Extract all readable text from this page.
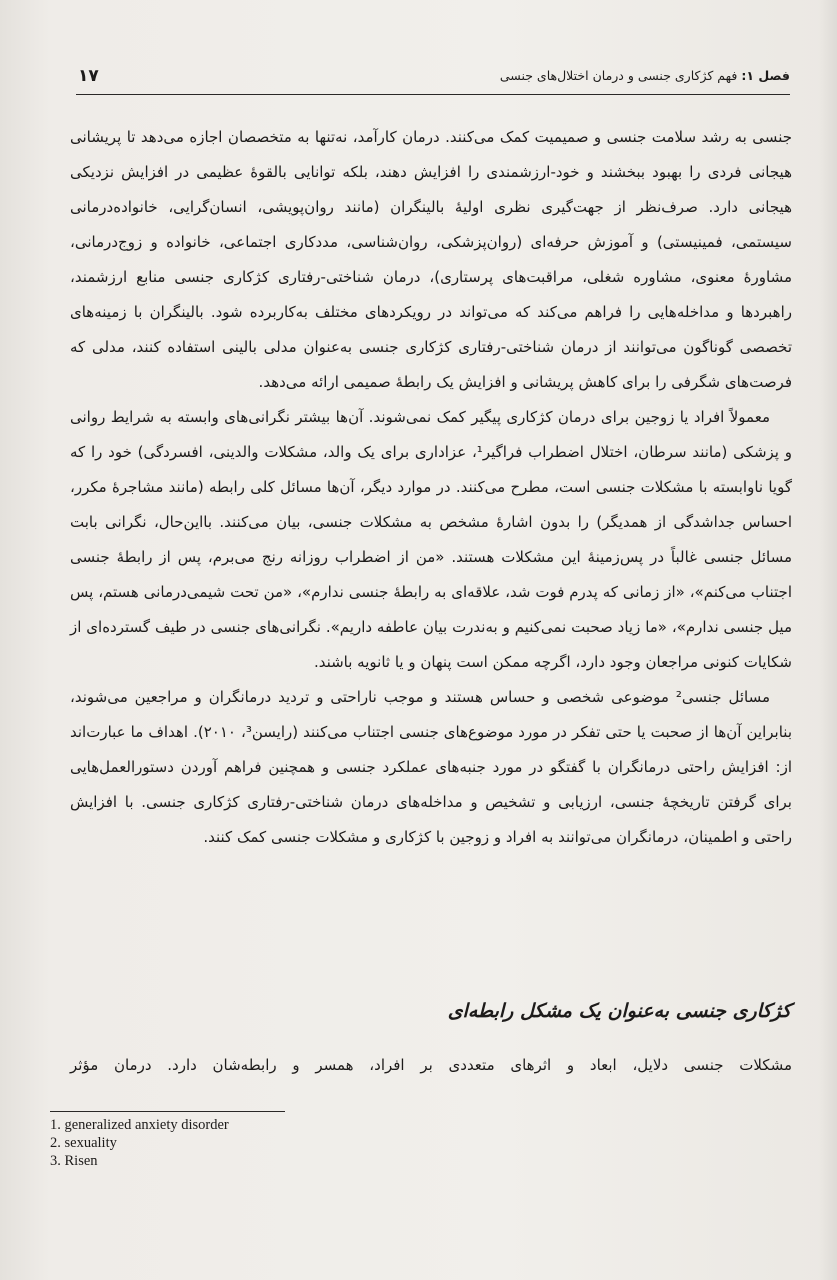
۱۷	فصل ۱: فهم کژکاری جنسی و درمان اختلال‌های جنسی

جنسی به رشد سلامت جنسی و صمیمیت کمک می‌کنند. درمان کارآمد، نه‌تنها به متخصصان اجازه می‌دهد تا پریشانی هیجانی فردی را بهبود ببخشند و خود-ارزشمندی را افزایش دهند، بلکه توانایی بالقوهٔ عظیمی در افزایش نزدیکی هیجانی دارد. صرف‌نظر از جهت‌گیری نظری اولیهٔ بالینگران (مانند روان‌پویشی، انسان‌گرایی، خانواده‌درمانی سیستمی، فمینیستی) و آموزش حرفه‌ای (روان‌پزشکی، روان‌شناسی، مددکاری اجتماعی، خانواده و زوج‌درمانی، مشاورهٔ معنوی، مشاوره شغلی، مراقبت‌های پرستاری)، درمان شناختی-رفتاری کژکاری جنسی منابع ارزشمند، راهبردها و مداخله‌هایی را فراهم می‌کند که می‌تواند در رویکردهای مختلف به‌کاربرده شود. بالینگران با زمینه‌های تخصصی گوناگون می‌توانند از درمان شناختی-رفتاری کژکاری جنسی به‌عنوان مدلی بالینی استفاده کنند، مدلی که فرصت‌های شگرفی را برای کاهش پریشانی و افزایش یک رابطهٔ صمیمی ارائه می‌دهد.

معمولاً افراد یا زوجین برای درمان کژکاری پیگیر کمک نمی‌شوند. آن‌ها بیشتر نگرانی‌های وابسته به شرایط روانی و پزشکی (مانند سرطان، اختلال اضطراب فراگیر¹، عزاداری برای یک والد، مشکلات والدینی، افسردگی) خود را که گویا ناوابسته با مشکلات جنسی است، مطرح می‌کنند. در موارد دیگر، آن‌ها مسائل کلی رابطه (مانند مشاجرهٔ مکرر، احساس جداشدگی از همدیگر) را بدون اشارهٔ مشخص به مشکلات جنسی، بیان می‌کنند. بااین‌حال، نگرانی بابت مسائل جنسی غالباً در پس‌زمینهٔ این مشکلات هستند. «من از اضطراب روزانه رنج می‌برم، پس از رابطهٔ جنسی اجتناب می‌کنم»، «از زمانی که پدرم فوت شد، علاقه‌ای به رابطهٔ جنسی ندارم»، «من تحت شیمی‌درمانی هستم، پس میل جنسی ندارم»، «ما زیاد صحبت نمی‌کنیم و به‌ندرت بیان عاطفه داریم». نگرانی‌های جنسی در طیف گسترده‌ای از شکایات کنونی مراجعان وجود دارد، اگرچه ممکن است پنهان و یا ثانویه باشند.

مسائل جنسی² موضوعی شخصی و حساس هستند و موجب ناراحتی و تردید درمانگران و مراجعین می‌شوند، بنابراین آن‌ها از صحبت یا حتی تفکر در مورد موضوع‌های جنسی اجتناب می‌کنند (رایسن³، ۲۰۱۰). اهداف ما عبارت‌اند از: افزایش راحتی درمانگران با گفتگو در مورد جنبه‌های عملکرد جنسی و همچنین فراهم آوردن دستورالعمل‌هایی برای گرفتن تاریخچهٔ جنسی، ارزیابی و تشخیص و مداخله‌های درمان شناختی-رفتاری کژکاری جنسی. با افزایش راحتی و اطمینان، درمانگران می‌توانند به افراد و زوجین با کژکاری و مشکلات جنسی کمک کنند.

کژکاری جنسی به‌عنوان یک مشکل رابطه‌ای
مشکلات جنسی دلایل، ابعاد و اثرهای متعددی بر افراد، همسر و رابطه‌شان دارد. درمان مؤثر
1. generalized anxiety disorder
2. sexuality
3. Risen
